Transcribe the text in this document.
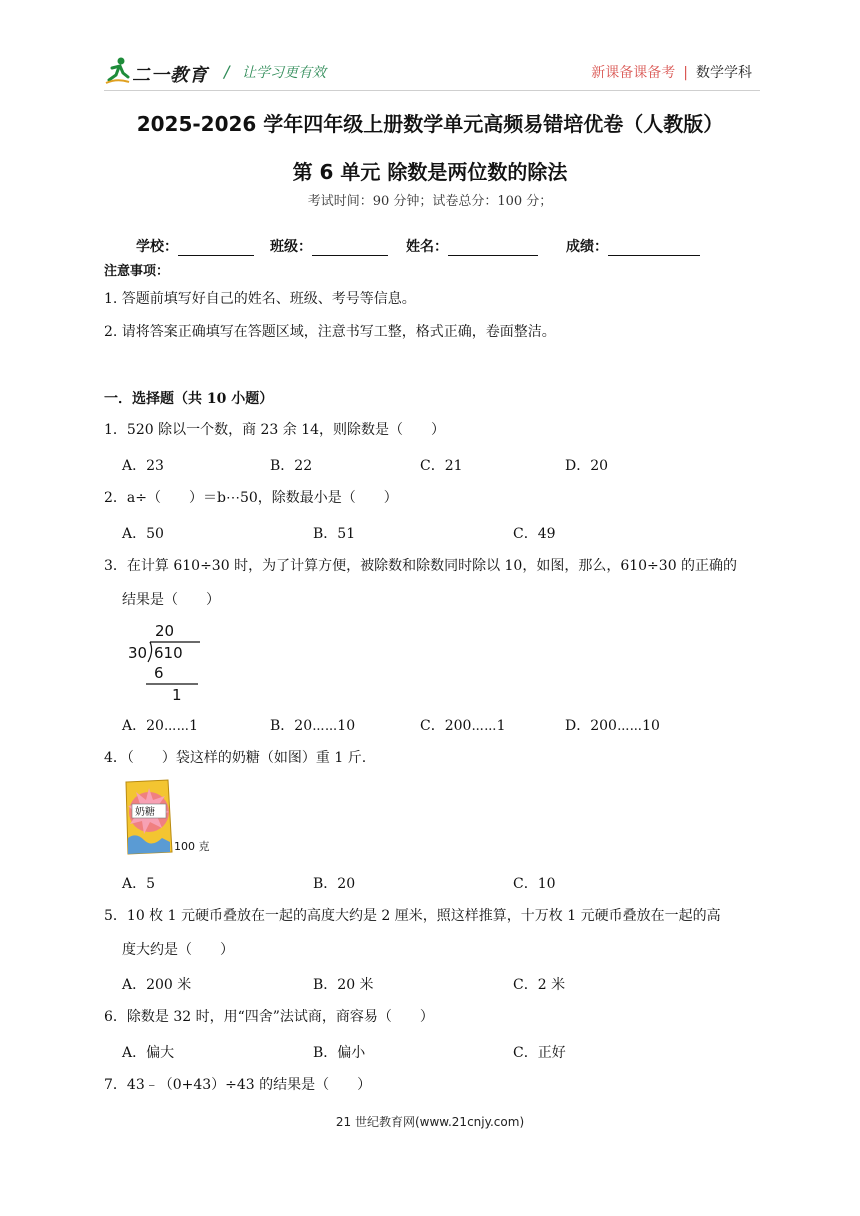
二一教育 / 让学习更有效	新课备课备考 | 数学学科
2025-2026 学年四年级上册数学单元高频易错培优卷（人教版）
第 6 单元 除数是两位数的除法
考试时间：90 分钟；试卷总分：100 分；
学校：	班级：	姓名：	成绩：
注意事项：
1. 答题前填写好自己的姓名、班级、考号等信息。
2. 请将答案正确填写在答题区域，注意书写工整，格式正确，卷面整洁。
一．选择题（共 10 小题）
1．520 除以一个数，商 23 余 14，则除数是（　　）
A．23	B．22	C．21	D．20
2．a÷（　　）＝b⋯50，除数最小是（　　）
A．50	B．51	C．49
3．在计算 610÷30 时，为了计算方便，被除数和除数同时除以 10，如图，那么，610÷30 的正确的
结果是（　　）
20
30 610
6
1
A．20⋯⋯1	B．20⋯⋯10	C．200⋯⋯1	D．200⋯⋯10
4．（　　）袋这样的奶糖（如图）重 1 斤.
奶糖
100 克
A．5	B．20	C．10
5．10 枚 1 元硬币叠放在一起的高度大约是 2 厘米，照这样推算，十万枚 1 元硬币叠放在一起的高
度大约是（　　）
A．200 米	B．20 米	C．2 米
6．除数是 32 时，用“四舍”法试商，商容易（　　）
A．偏大	B．偏小	C．正好
7．43﹣（0+43）÷43 的结果是（　　）
21 世纪教育网(www.21cnjy.com)
